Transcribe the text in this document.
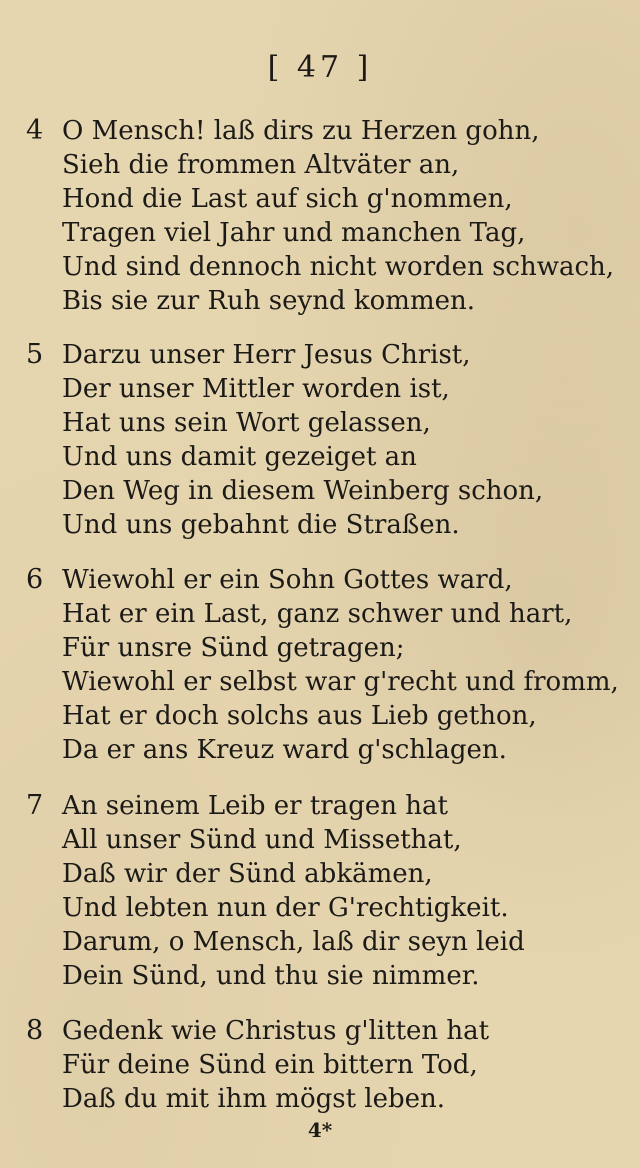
[ 47 ]
4 O Mensch! laß dirs zu Herzen gohn,
Sieh die frommen Altväter an,
Hond die Last auf sich g'nommen,
Tragen viel Jahr und manchen Tag,
Und sind dennoch nicht worden schwach,
Bis sie zur Ruh seynd kommen.
5 Darzu unser Herr Jesus Christ,
Der unser Mittler worden ist,
Hat uns sein Wort gelassen,
Und uns damit gezeiget an
Den Weg in diesem Weinberg schon,
Und uns gebahnt die Straßen.
6 Wiewohl er ein Sohn Gottes ward,
Hat er ein Last, ganz schwer und hart,
Für unsre Sünd getragen;
Wiewohl er selbst war g'recht und fromm,
Hat er doch solchs aus Lieb gethon,
Da er ans Kreuz ward g'schlagen.
7 An seinem Leib er tragen hat
All unser Sünd und Missethat,
Daß wir der Sünd abkämen,
Und lebten nun der G'rechtigkeit.
Darum, o Mensch, laß dir seyn leid
Dein Sünd, und thu sie nimmer.
8 Gedenk wie Christus g'litten hat
Für deine Sünd ein bittern Tod,
Daß du mit ihm mögst leben.
4*
